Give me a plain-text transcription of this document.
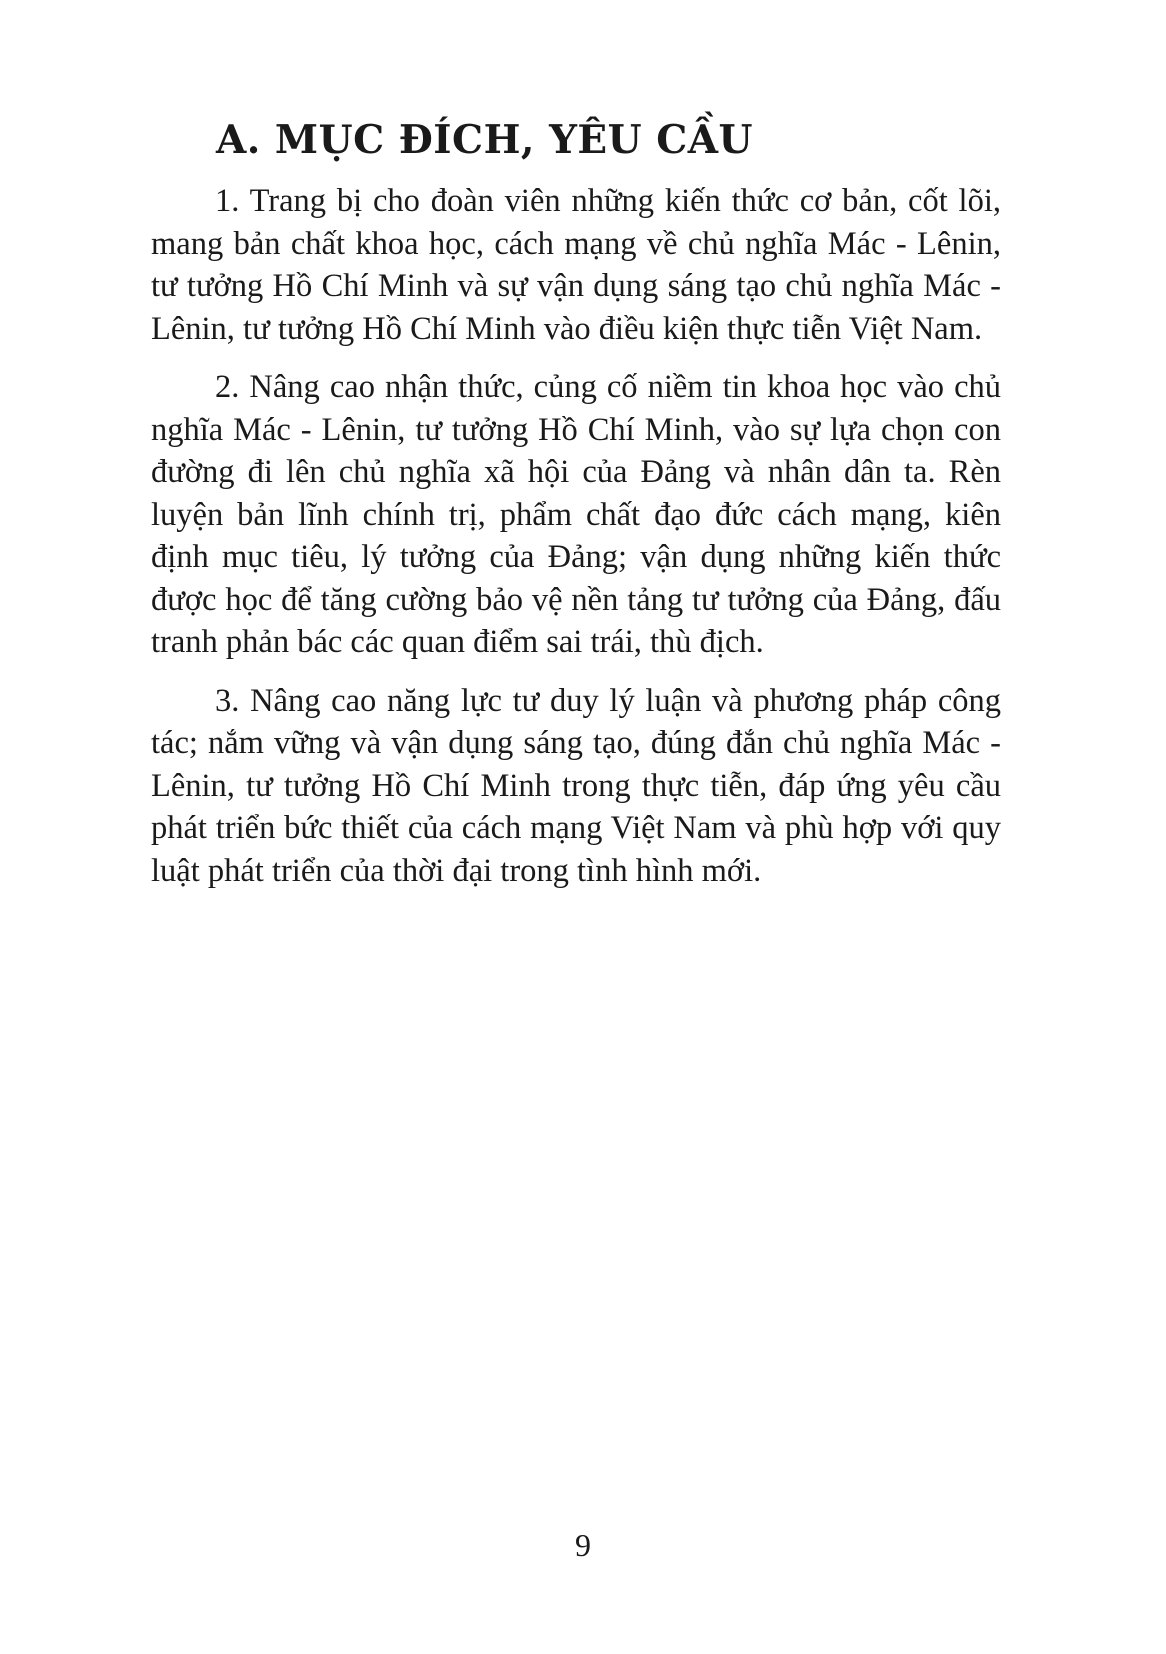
A. MỤC ĐÍCH, YÊU CẦU

1. Trang bị cho đoàn viên những kiến thức cơ bản, cốt lõi, mang bản chất khoa học, cách mạng về chủ nghĩa Mác - Lênin, tư tưởng Hồ Chí Minh và sự vận dụng sáng tạo chủ nghĩa Mác - Lênin, tư tưởng Hồ Chí Minh vào điều kiện thực tiễn Việt Nam.

2. Nâng cao nhận thức, củng cố niềm tin khoa học vào chủ nghĩa Mác - Lênin, tư tưởng Hồ Chí Minh, vào sự lựa chọn con đường đi lên chủ nghĩa xã hội của Đảng và nhân dân ta. Rèn luyện bản lĩnh chính trị, phẩm chất đạo đức cách mạng, kiên định mục tiêu, lý tưởng của Đảng; vận dụng những kiến thức được học để tăng cường bảo vệ nền tảng tư tưởng của Đảng, đấu tranh phản bác các quan điểm sai trái, thù địch.

3. Nâng cao năng lực tư duy lý luận và phương pháp công tác; nắm vững và vận dụng sáng tạo, đúng đắn chủ nghĩa Mác - Lênin, tư tưởng Hồ Chí Minh trong thực tiễn, đáp ứng yêu cầu phát triển bức thiết của cách mạng Việt Nam và phù hợp với quy luật phát triển của thời đại trong tình hình mới.

9
